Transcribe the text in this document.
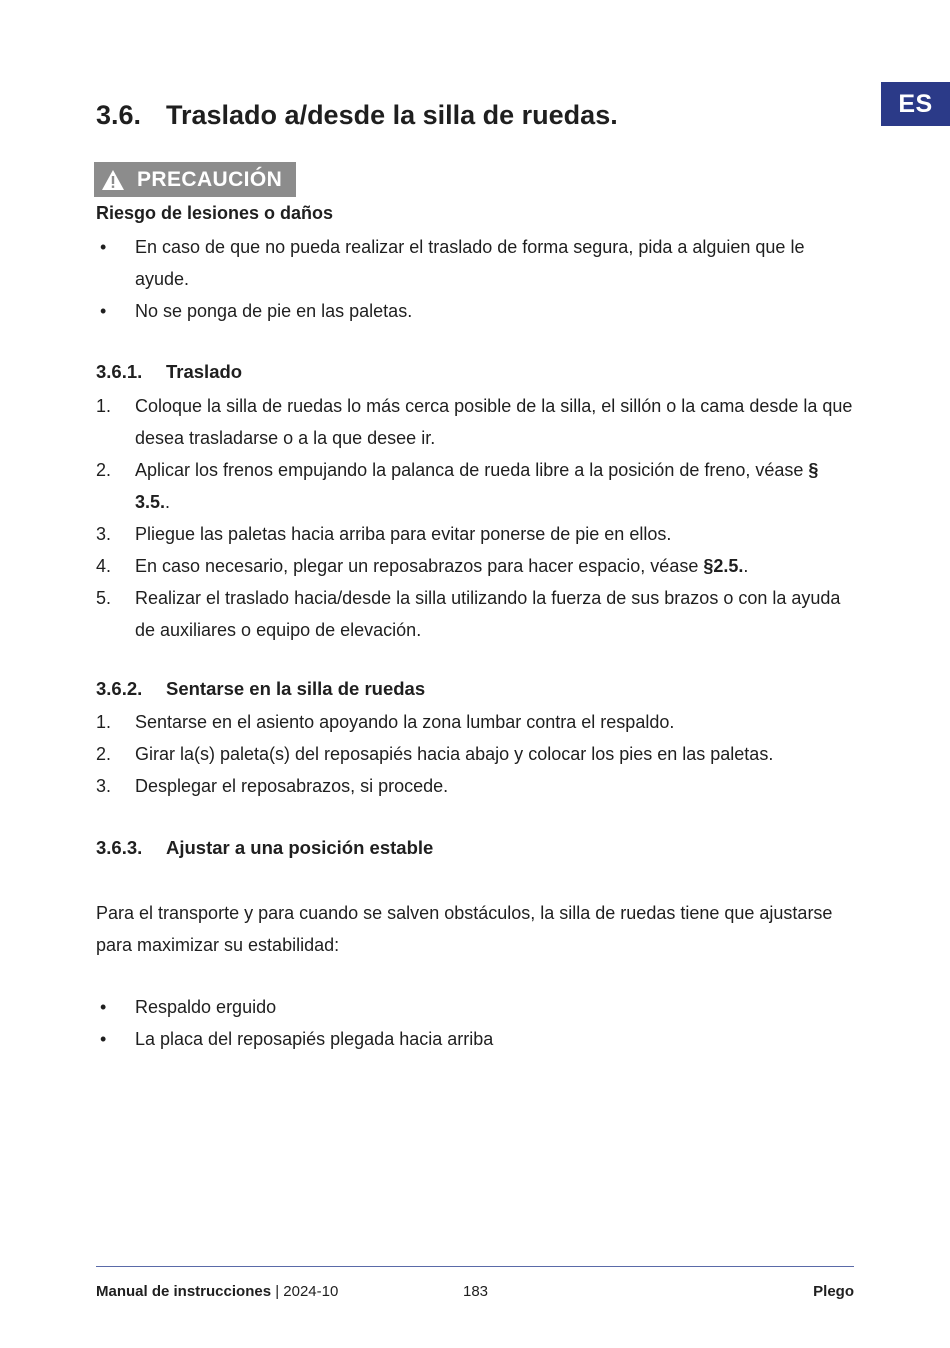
ES
3.6. Traslado a/desde la silla de ruedas.
PRECAUCIÓN
Riesgo de lesiones o daños
•	En caso de que no pueda realizar el traslado de forma segura, pida a alguien que le ayude.
•	No se ponga de pie en las paletas.
3.6.1. Traslado
1.	Coloque la silla de ruedas lo más cerca posible de la silla, el sillón o la cama desde la que desea trasladarse o a la que desee ir.
2.	Aplicar los frenos empujando la palanca de rueda libre a la posición de freno, véase § 3.5..
3.	Pliegue las paletas hacia arriba para evitar ponerse de pie en ellos.
4.	En caso necesario, plegar un reposabrazos para hacer espacio, véase §2.5..
5.	Realizar el traslado hacia/desde la silla utilizando la fuerza de sus brazos o con la ayuda de auxiliares o equipo de elevación.
3.6.2. Sentarse en la silla de ruedas
1.	Sentarse en el asiento apoyando la zona lumbar contra el respaldo.
2.	Girar la(s) paleta(s) del reposapiés hacia abajo y colocar los pies en las paletas.
3.	Desplegar el reposabrazos, si procede.
3.6.3. Ajustar a una posición estable

Para el transporte y para cuando se salven obstáculos, la silla de ruedas tiene que ajustarse para maximizar su estabilidad:

•	Respaldo erguido
•	La placa del reposapiés plegada hacia arriba
Manual de instrucciones | 2024-10	183	Plego
